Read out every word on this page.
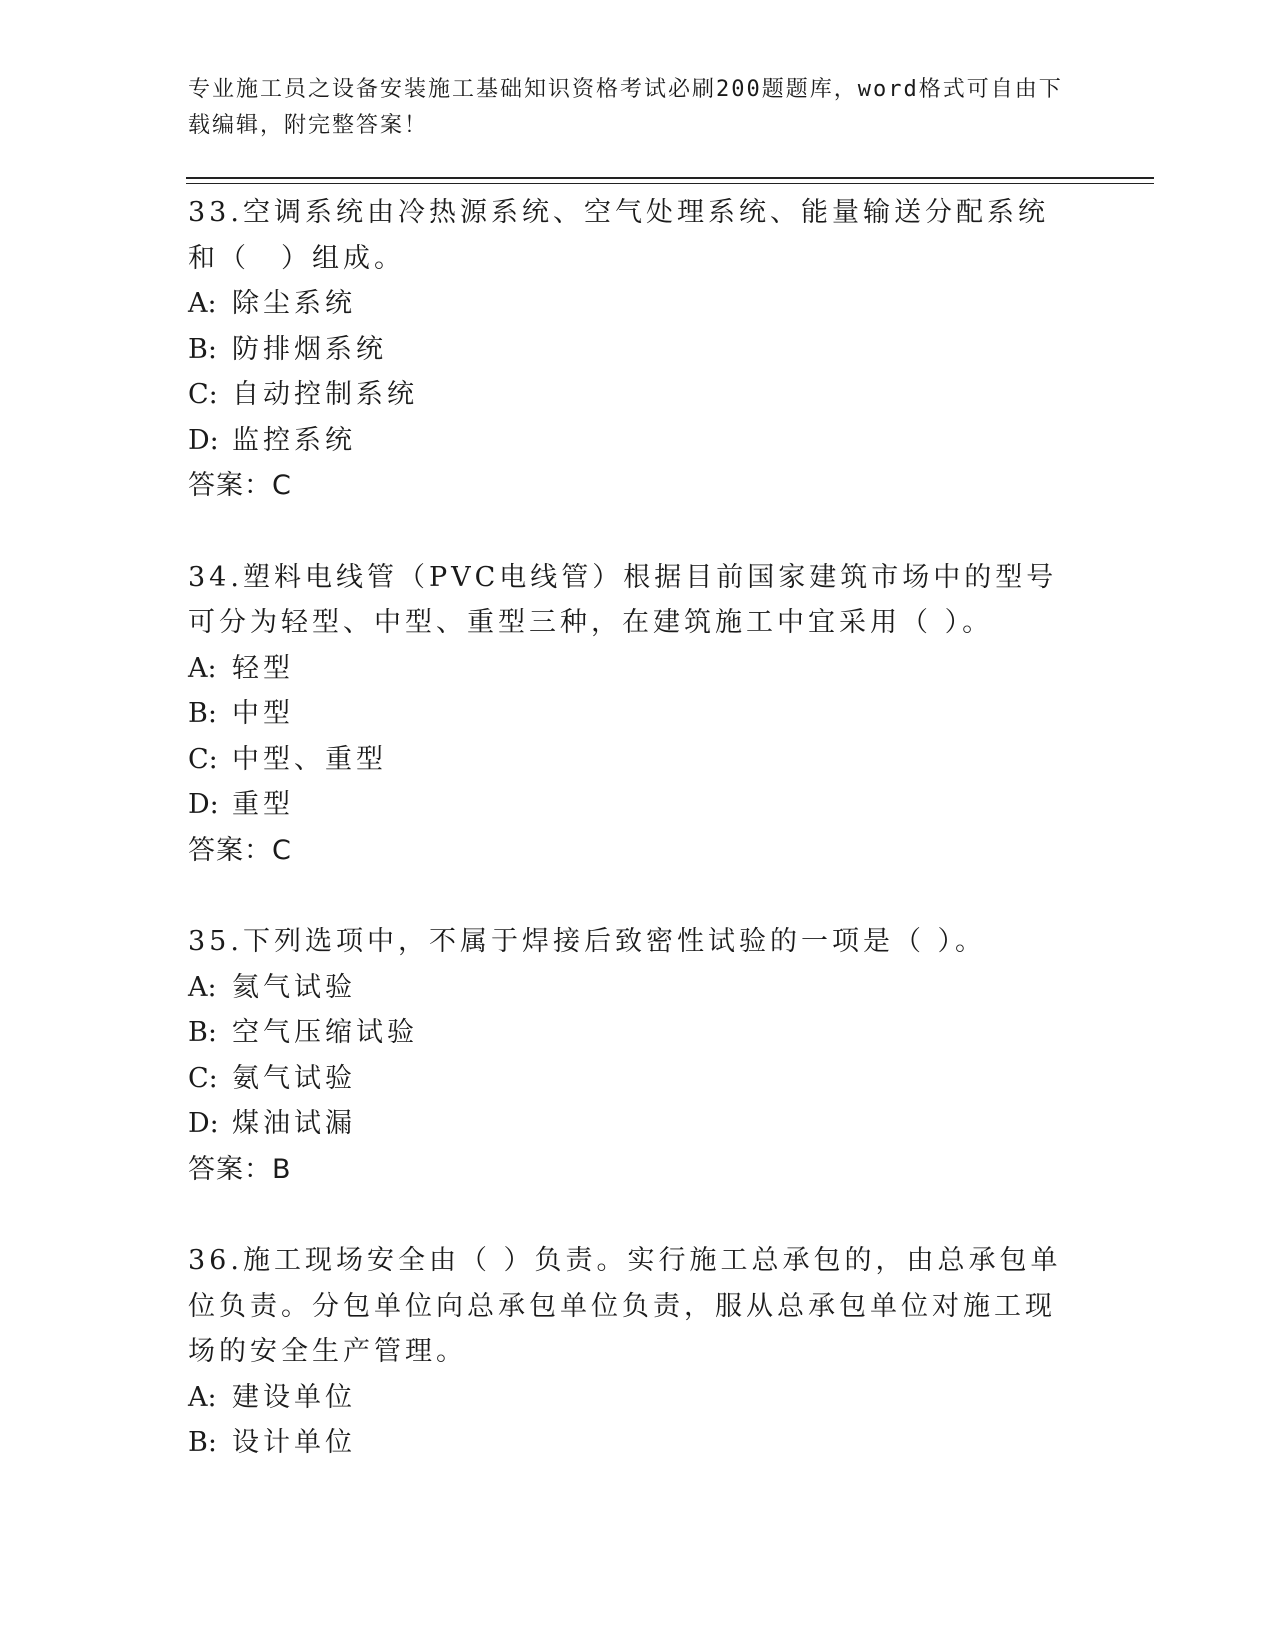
专业施工员之设备安装施工基础知识资格考试必刷200题题库，word格式可自由下载编辑，附完整答案！
33.空调系统由冷热源系统、空气处理系统、能量输送分配系统和（　）组成。
A: 除尘系统
B: 防排烟系统
C: 自动控制系统
D: 监控系统
答案：C
34.塑料电线管（PVC电线管）根据目前国家建筑市场中的型号可分为轻型、中型、重型三种，在建筑施工中宜采用（ ）。
A: 轻型
B: 中型
C: 中型、重型
D: 重型
答案：C
35.下列选项中，不属于焊接后致密性试验的一项是（ ）。
A: 氦气试验
B: 空气压缩试验
C: 氨气试验
D: 煤油试漏
答案：B
36.施工现场安全由（ ）负责。实行施工总承包的，由总承包单位负责。分包单位向总承包单位负责，服从总承包单位对施工现场的安全生产管理。
A: 建设单位
B: 设计单位
